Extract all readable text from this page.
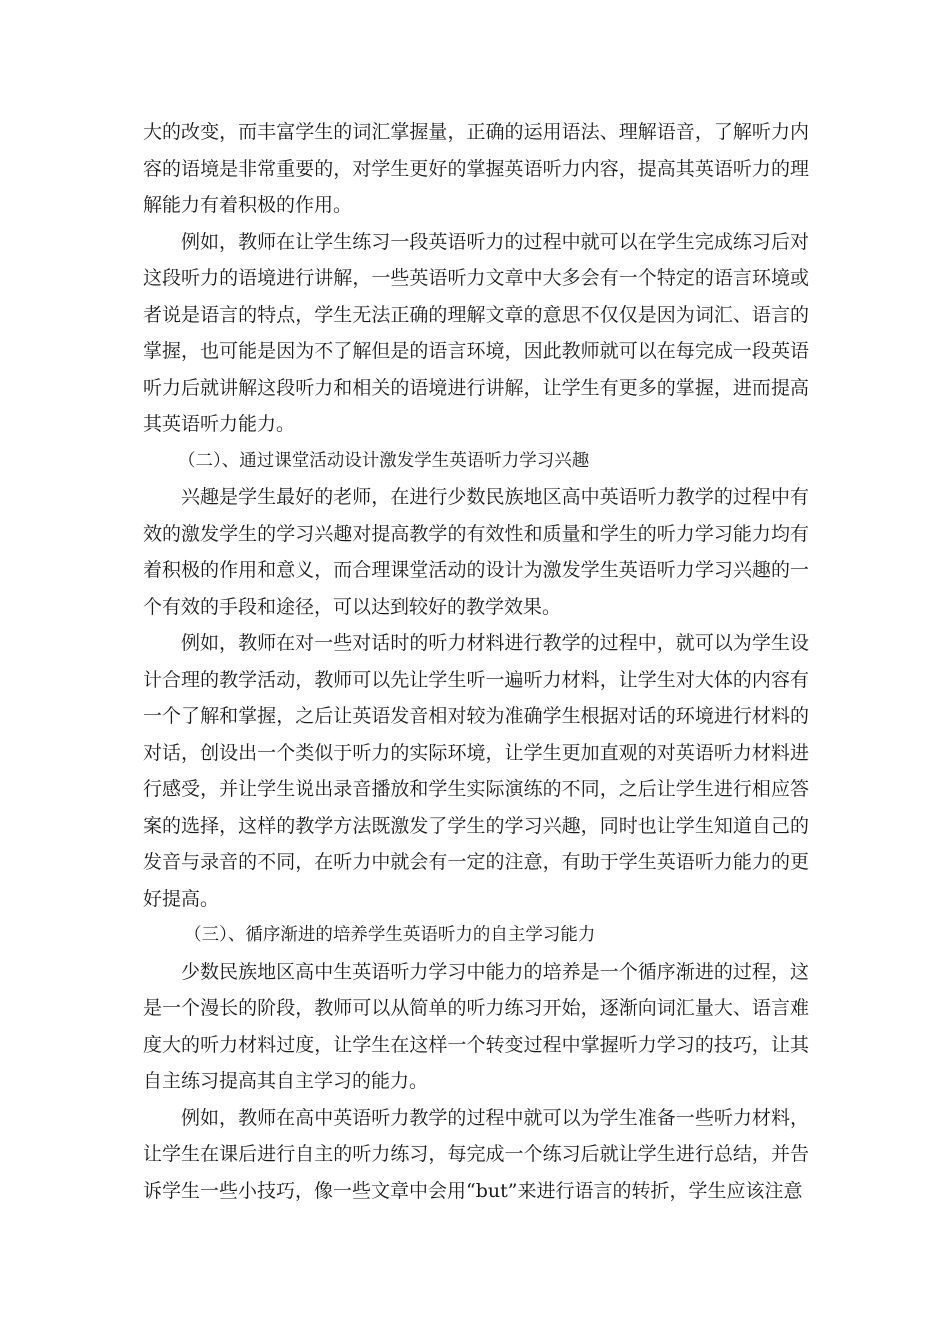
大的改变，而丰富学生的词汇掌握量，正确的运用语法、理解语音，了解听力内容的语境是非常重要的，对学生更好的掌握英语听力内容，提高其英语听力的理解能力有着积极的作用。

例如，教师在让学生练习一段英语听力的过程中就可以在学生完成练习后对这段听力的语境进行讲解，一些英语听力文章中大多会有一个特定的语言环境或者说是语言的特点，学生无法正确的理解文章的意思不仅仅是因为词汇、语言的掌握，也可能是因为不了解但是的语言环境，因此教师就可以在每完成一段英语听力后就讲解这段听力和相关的语境进行讲解，让学生有更多的掌握，进而提高其英语听力能力。

（二）、通过课堂活动设计激发学生英语听力学习兴趣

兴趣是学生最好的老师，在进行少数民族地区高中英语听力教学的过程中有效的激发学生的学习兴趣对提高教学的有效性和质量和学生的听力学习能力均有着积极的作用和意义，而合理课堂活动的设计为激发学生英语听力学习兴趣的一个有效的手段和途径，可以达到较好的教学效果。

例如，教师在对一些对话时的听力材料进行教学的过程中，就可以为学生设计合理的教学活动，教师可以先让学生听一遍听力材料，让学生对大体的内容有一个了解和掌握，之后让英语发音相对较为准确学生根据对话的环境进行材料的对话，创设出一个类似于听力的实际环境，让学生更加直观的对英语听力材料进行感受，并让学生说出录音播放和学生实际演练的不同，之后让学生进行相应答案的选择，这样的教学方法既激发了学生的学习兴趣，同时也让学生知道自己的发音与录音的不同，在听力中就会有一定的注意，有助于学生英语听力能力的更好提高。

（三）、循序渐进的培养学生英语听力的自主学习能力

少数民族地区高中生英语听力学习中能力的培养是一个循序渐进的过程，这是一个漫长的阶段，教师可以从简单的听力练习开始，逐渐向词汇量大、语言难度大的听力材料过度，让学生在这样一个转变过程中掌握听力学习的技巧，让其自主练习提高其自主学习的能力。

例如，教师在高中英语听力教学的过程中就可以为学生准备一些听力材料，让学生在课后进行自主的听力练习，每完成一个练习后就让学生进行总结，并告诉学生一些小技巧，像一些文章中会用“but”来进行语言的转折，学生应该注意
